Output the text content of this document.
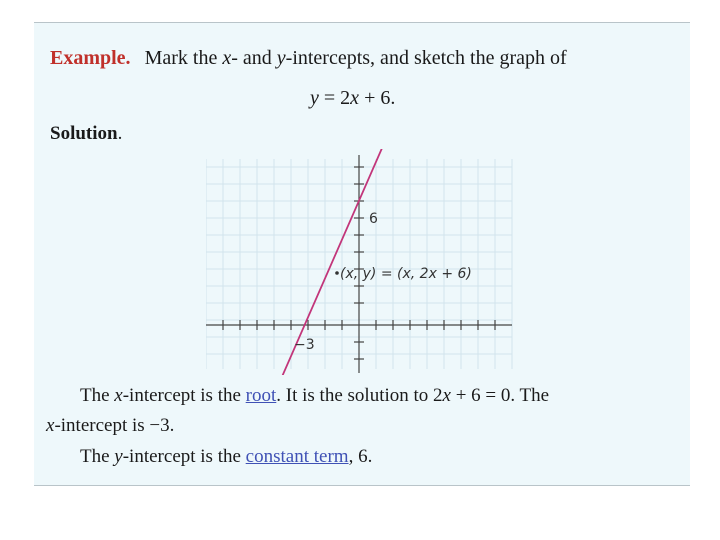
Example. Mark the x- and y-intercepts, and sketch the graph of
y = 2x + 6.
Solution.
6
−3
(x, y) = (x, 2x + 6)
The x-intercept is the root. It is the solution to 2x + 6 = 0. The
x-intercept is −3.
The y-intercept is the constant term, 6.
